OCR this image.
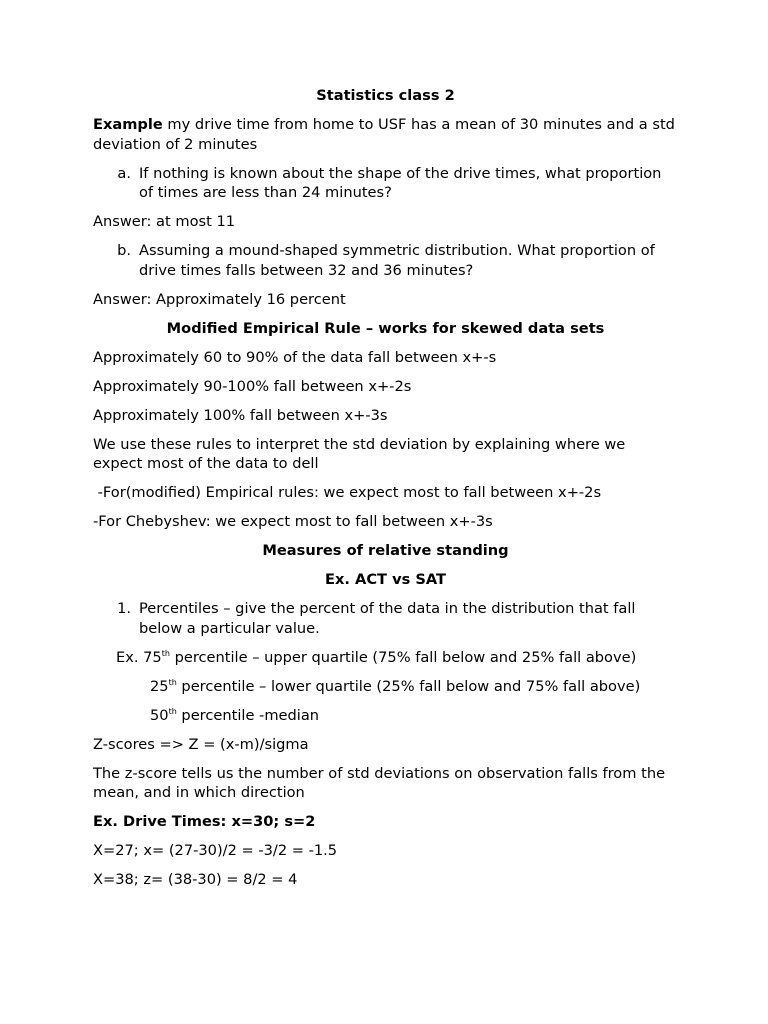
Statistics class 2
Example my drive time from home to USF has a mean of 30 minutes and a std deviation of 2 minutes
a. If nothing is known about the shape of the drive times, what proportion of times are less than 24 minutes?
Answer: at most 11
b. Assuming a mound-shaped symmetric distribution. What proportion of drive times falls between 32 and 36 minutes?
Answer: Approximately 16 percent
Modified Empirical Rule – works for skewed data sets
Approximately 60 to 90% of the data fall between x+-s
Approximately 90-100% fall between x+-2s
Approximately 100% fall between x+-3s
We use these rules to interpret the std deviation by explaining where we expect most of the data to dell
-For(modified) Empirical rules: we expect most to fall between x+-2s
-For Chebyshev: we expect most to fall between x+-3s
Measures of relative standing
Ex. ACT vs SAT
1. Percentiles – give the percent of the data in the distribution that fall below a particular value.
Ex. 75th percentile – upper quartile (75% fall below and 25% fall above)
25th percentile – lower quartile (25% fall below and 75% fall above)
50th percentile -median
Z-scores => Z = (x-m)/sigma
The z-score tells us the number of std deviations on observation falls from the mean, and in which direction
Ex. Drive Times: x=30; s=2
X=27; x= (27-30)/2 = -3/2 = -1.5
X=38; z= (38-30) = 8/2 = 4
